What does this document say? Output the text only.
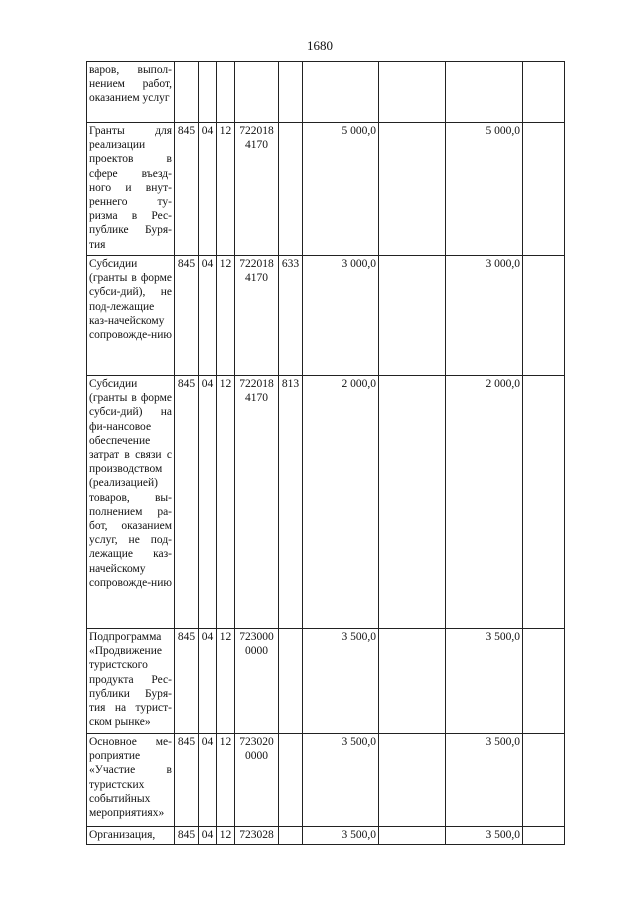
1680
варов, выпол-нением работ, оказанием услуг									
Гранты для реализации проектов в сфере въезд-ного и внут-реннего ту-ризма в Рес-публике Буря-тия	845	04	12	722018 4170		5 000,0		5 000,0	
Субсидии (гранты в форме субси-дий), не под-лежащие каз-начейскому сопровожде-нию	845	04	12	722018 4170	633	3 000,0		3 000,0	
Субсидии (гранты в форме субси-дий) на фи-нансовое обеспечение затрат в связи с производством (реализацией) товаров, вы-полнением ра-бот, оказанием услуг, не под-лежащие каз-начейскому сопровожде-нию	845	04	12	722018 4170	813	2 000,0		2 000,0	
Подпрограмма «Продвижение туристского продукта Рес-публики Буря-тия на турист-ском рынке»	845	04	12	723000 0000		3 500,0		3 500,0	
Основное ме-роприятие «Участие в туристских событийных мероприятиях»	845	04	12	723020 0000		3 500,0		3 500,0	
Организация,	845	04	12	723028		3 500,0		3 500,0	
